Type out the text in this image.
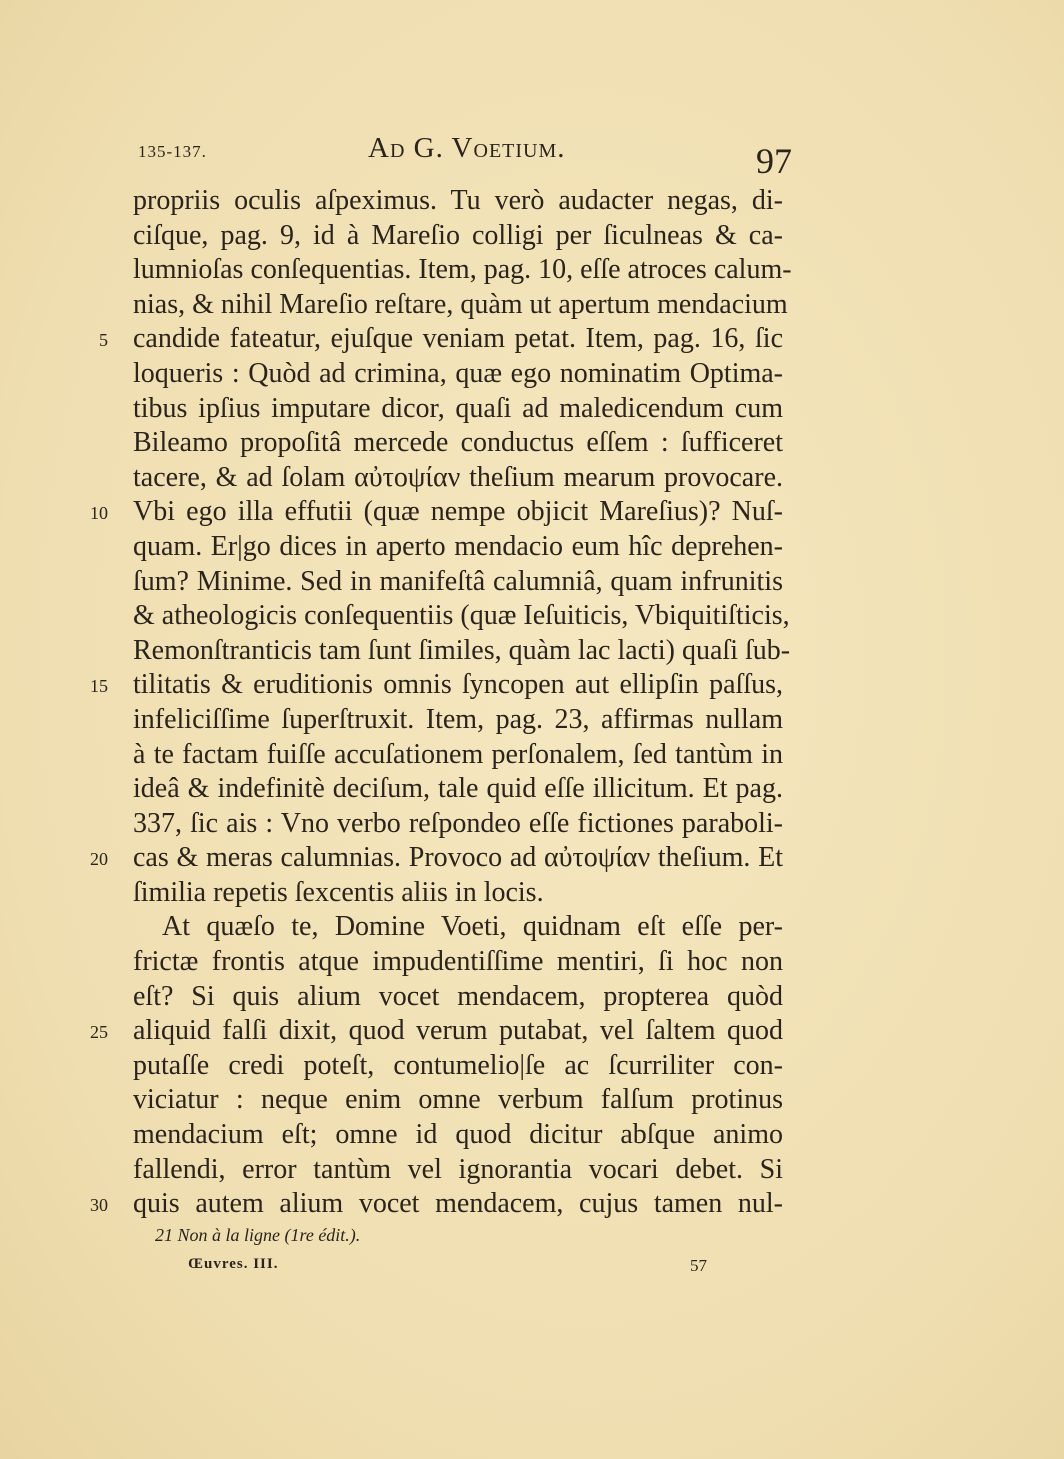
135-137.	Ad G. Voetium.	97
propriis oculis aſpeximus. Tu verò audacter negas, di-
ciſque, pag. 9, id à Mareſio colligi per ſiculneas & ca-
lumnioſas conſequentias. Item, pag. 10, eſſe atroces calum-
nias, & nihil Mareſio reſtare, quàm ut apertum mendacium
5 candide fateatur, ejuſque veniam petat. Item, pag. 16, ſic
loqueris : Quòd ad crimina, quæ ego nominatim Optima-
tibus ipſius imputare dicor, quaſi ad maledicendum cum
Bileamo propoſitâ mercede conductus eſſem : ſufficeret
tacere, & ad ſolam αὐτοψίαν theſium mearum provocare.
10 Vbi ego illa effutii (quæ nempe objicit Mareſius)? Nuſ-
quam. Er|go dices in aperto mendacio eum hîc deprehen-
ſum? Minime. Sed in manifeſtâ calumniâ, quam infrunitis
& atheologicis conſequentiis (quæ Ieſuiticis, Vbiquitiſticis,
Remonſtranticis tam ſunt ſimiles, quàm lac lacti) quaſi ſub-
15 tilitatis & eruditionis omnis ſyncopen aut ellipſin paſſus,
infeliciſſime ſuperſtruxit. Item, pag. 23, affirmas nullam
à te factam fuiſſe accuſationem perſonalem, ſed tantùm in
ideâ & indefinitè deciſum, tale quid eſſe illicitum. Et pag.
337, ſic ais : Vno verbo reſpondeo eſſe fictiones paraboli-
20 cas & meras calumnias. Provoco ad αὐτοψίαν theſium. Et
ſimilia repetis ſexcentis aliis in locis.
At quæſo te, Domine Voeti, quidnam eſt eſſe per-
frictæ frontis atque impudentiſſime mentiri, ſi hoc non
eſt? Si quis alium vocet mendacem, propterea quòd
25 aliquid falſi dixit, quod verum putabat, vel ſaltem quod
putaſſe credi poteſt, contumelio|ſe ac ſcurriliter con-
viciatur : neque enim omne verbum falſum protinus
mendacium eſt; omne id quod dicitur abſque animo
fallendi, error tantùm vel ignorantia vocari debet. Si
30 quis autem alium vocet mendacem, cujus tamen nul-
21 Non à la ligne (1re édit.).
Œuvres. III.	57
